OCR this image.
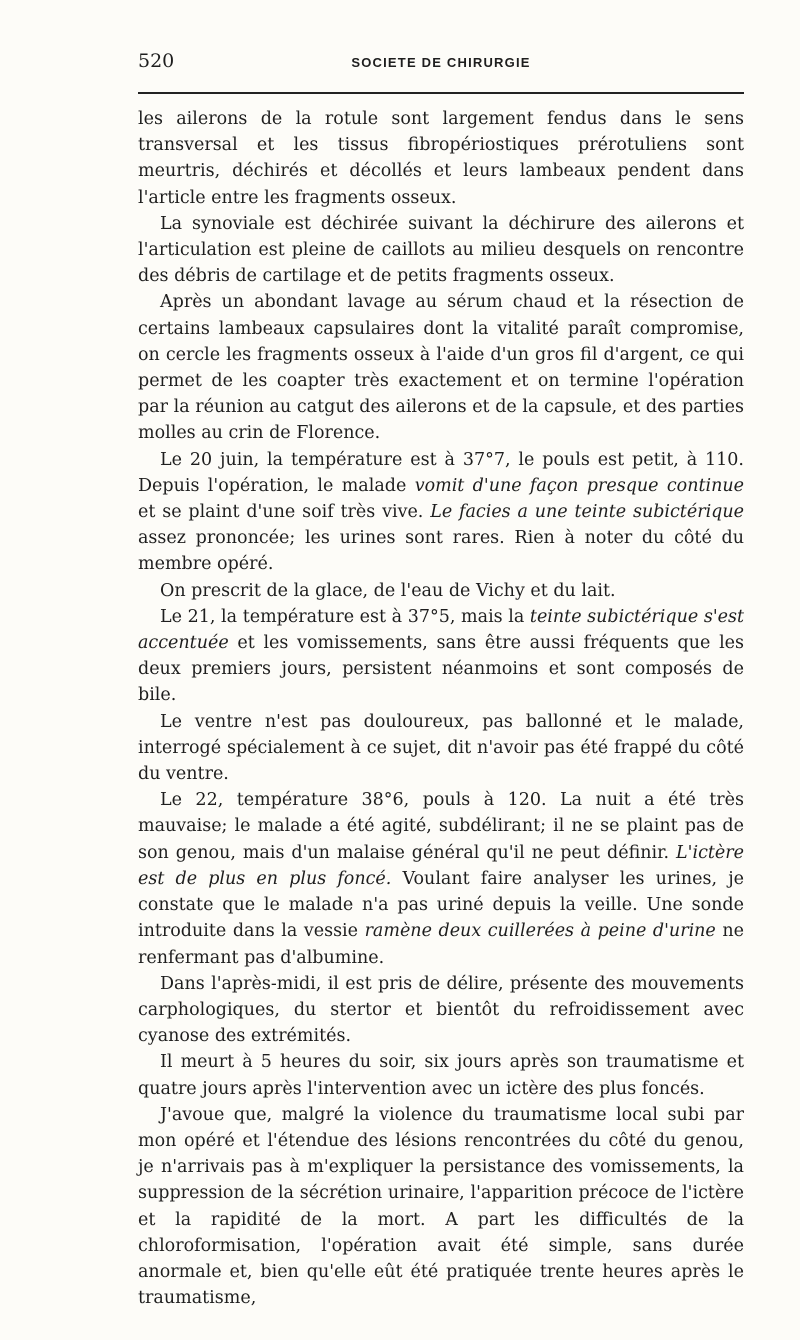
520	SOCIETE DE CHIRURGIE

les ailerons de la rotule sont largement fendus dans le sens transversal et les tissus fibropériostiques prérotuliens sont meurtris, déchirés et décollés et leurs lambeaux pendent dans l'article entre les fragments osseux.

La synoviale est déchirée suivant la déchirure des ailerons et l'articulation est pleine de caillots au milieu desquels on rencontre des débris de cartilage et de petits fragments osseux.

Après un abondant lavage au sérum chaud et la résection de certains lambeaux capsulaires dont la vitalité paraît compromise, on cercle les fragments osseux à l'aide d'un gros fil d'argent, ce qui permet de les coapter très exactement et on termine l'opération par la réunion au catgut des ailerons et de la capsule, et des parties molles au crin de Florence.

Le 20 juin, la température est à 37°7, le pouls est petit, à 110. Depuis l'opération, le malade vomit d'une façon presque continue et se plaint d'une soif très vive. Le facies a une teinte subictérique assez prononcée; les urines sont rares. Rien à noter du côté du membre opéré.

On prescrit de la glace, de l'eau de Vichy et du lait.

Le 21, la température est à 37°5, mais la teinte subictérique s'est accentuée et les vomissements, sans être aussi fréquents que les deux premiers jours, persistent néanmoins et sont composés de bile.

Le ventre n'est pas douloureux, pas ballonné et le malade, interrogé spécialement à ce sujet, dit n'avoir pas été frappé du côté du ventre.

Le 22, température 38°6, pouls à 120. La nuit a été très mauvaise; le malade a été agité, subdélirant; il ne se plaint pas de son genou, mais d'un malaise général qu'il ne peut définir. L'ictère est de plus en plus foncé. Voulant faire analyser les urines, je constate que le malade n'a pas uriné depuis la veille. Une sonde introduite dans la vessie ramène deux cuillerées à peine d'urine ne renfermant pas d'albumine.

Dans l'après-midi, il est pris de délire, présente des mouvements carphologiques, du stertor et bientôt du refroidissement avec cyanose des extrémités.

Il meurt à 5 heures du soir, six jours après son traumatisme et quatre jours après l'intervention avec un ictère des plus foncés.

J'avoue que, malgré la violence du traumatisme local subi par mon opéré et l'étendue des lésions rencontrées du côté du genou, je n'arrivais pas à m'expliquer la persistance des vomissements, la suppression de la sécrétion urinaire, l'apparition précoce de l'ictère et la rapidité de la mort. A part les difficultés de la chloroformisation, l'opération avait été simple, sans durée anormale et, bien qu'elle eût été pratiquée trente heures après le traumatisme,
